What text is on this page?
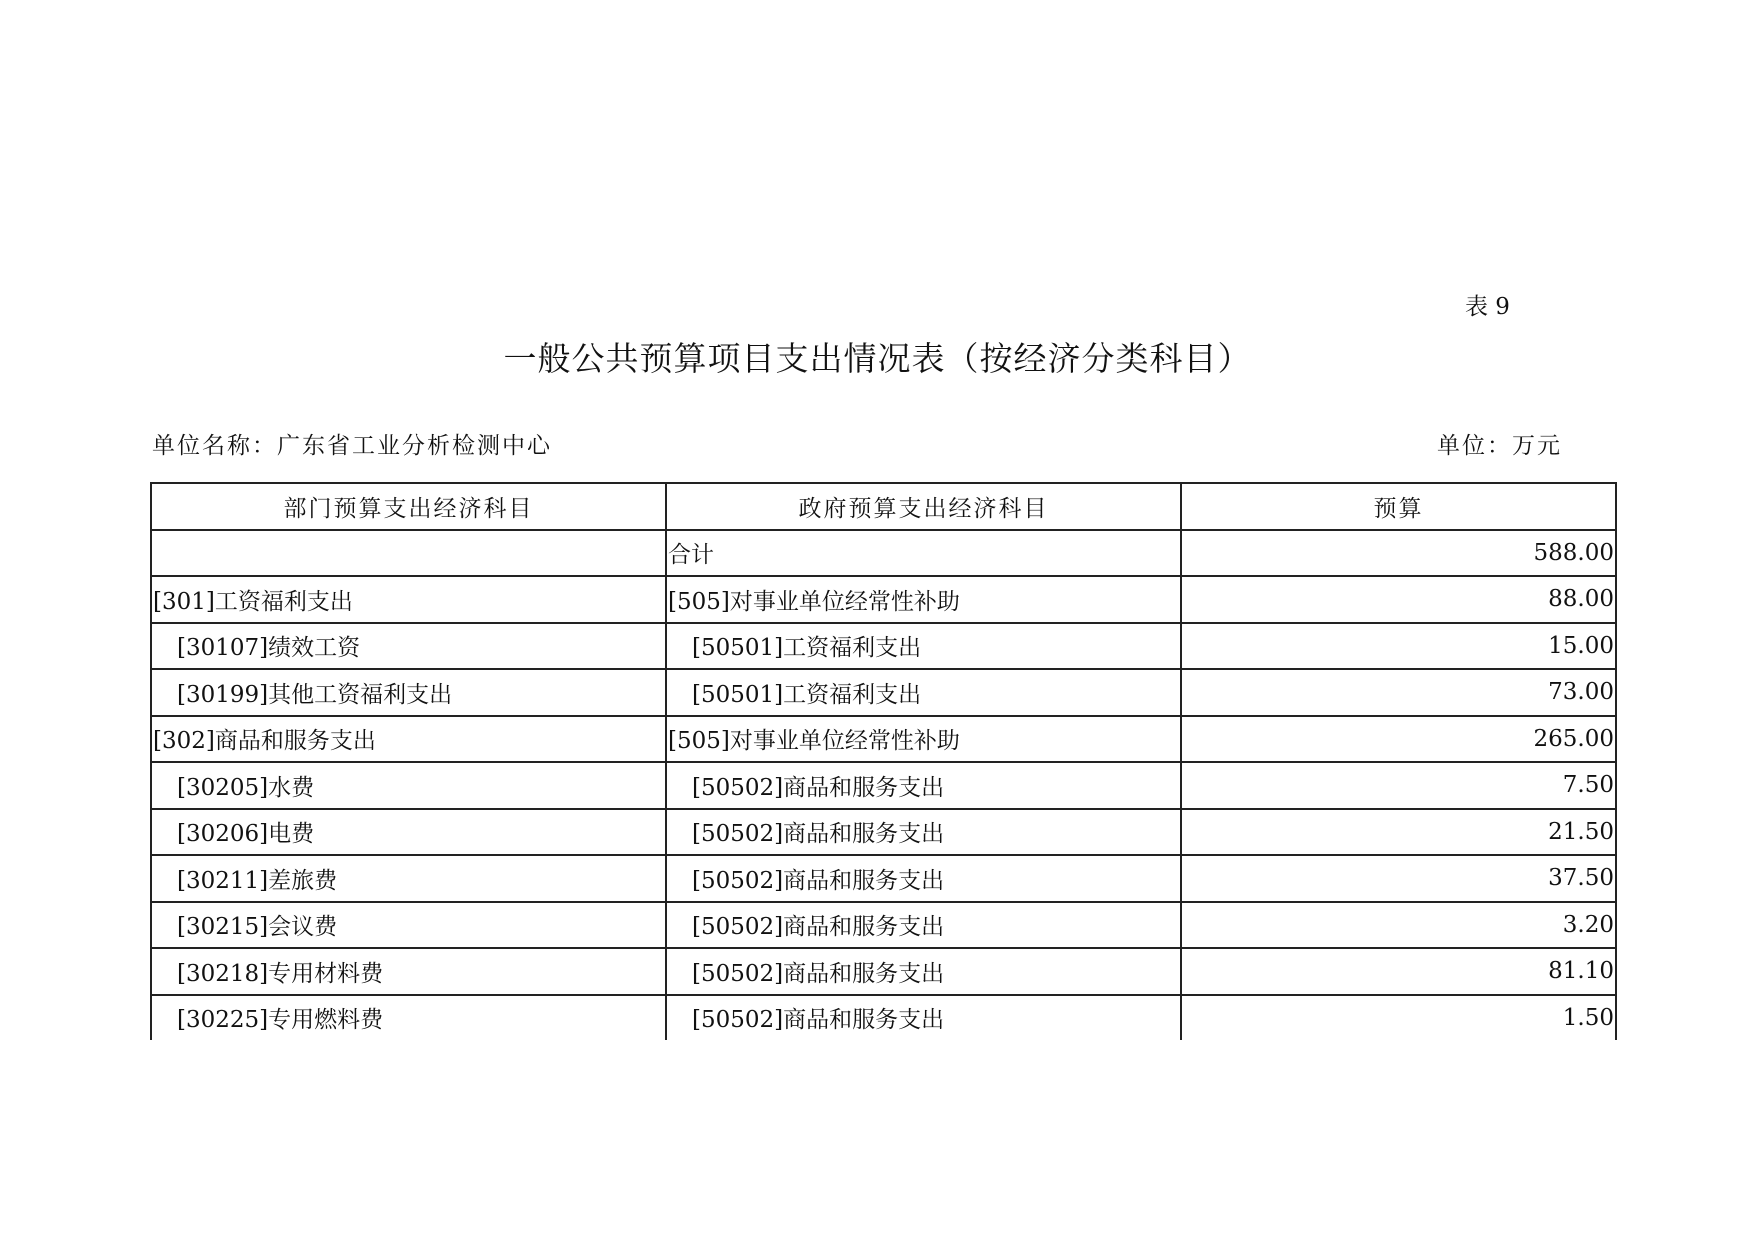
表 9
一般公共预算项目支出情况表（按经济分类科目）
单位名称：广东省工业分析检测中心	单位：万元
部门预算支出经济科目	政府预算支出经济科目	预算
	合计	588.00
[301]工资福利支出	[505]对事业单位经常性补助	88.00
[30107]绩效工资	[50501]工资福利支出	15.00
[30199]其他工资福利支出	[50501]工资福利支出	73.00
[302]商品和服务支出	[505]对事业单位经常性补助	265.00
[30205]水费	[50502]商品和服务支出	7.50
[30206]电费	[50502]商品和服务支出	21.50
[30211]差旅费	[50502]商品和服务支出	37.50
[30215]会议费	[50502]商品和服务支出	3.20
[30218]专用材料费	[50502]商品和服务支出	81.10
[30225]专用燃料费	[50502]商品和服务支出	1.50
